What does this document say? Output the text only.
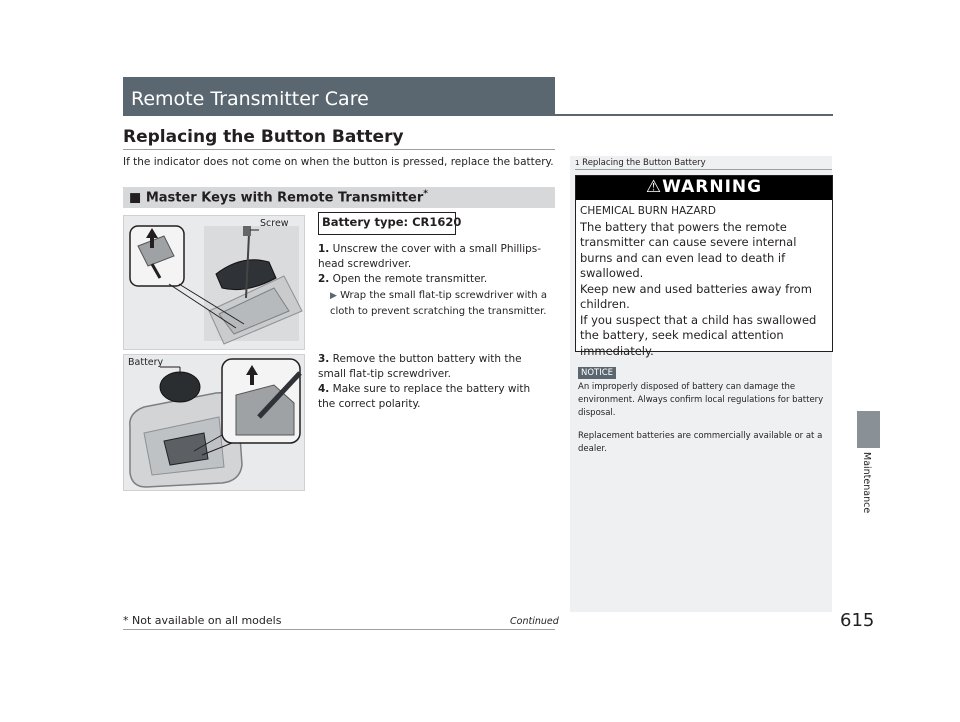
Remote Transmitter Care
Replacing the Button Battery
If the indicator does not come on when the button is pressed, replace the battery.
■ Master Keys with Remote Transmitter*
Screw
Battery
Battery type: CR1620
1. Unscrew the cover with a small Phillips-head screwdriver.
2. Open the remote transmitter.
▶ Wrap the small flat-tip screwdriver with a cloth to prevent scratching the transmitter.
3. Remove the button battery with the small flat-tip screwdriver.
4. Make sure to replace the battery with the correct polarity.
1 Replacing the Button Battery
⚠WARNING
CHEMICAL BURN HAZARD
The battery that powers the remote transmitter can cause severe internal burns and can even lead to death if swallowed.
Keep new and used batteries away from children.
If you suspect that a child has swallowed the battery, seek medical attention immediately.
NOTICE

An improperly disposed of battery can damage the environment. Always confirm local regulations for battery disposal.

Replacement batteries are commercially available or at a dealer.

Maintenance
Continued
* Not available on all models	615
